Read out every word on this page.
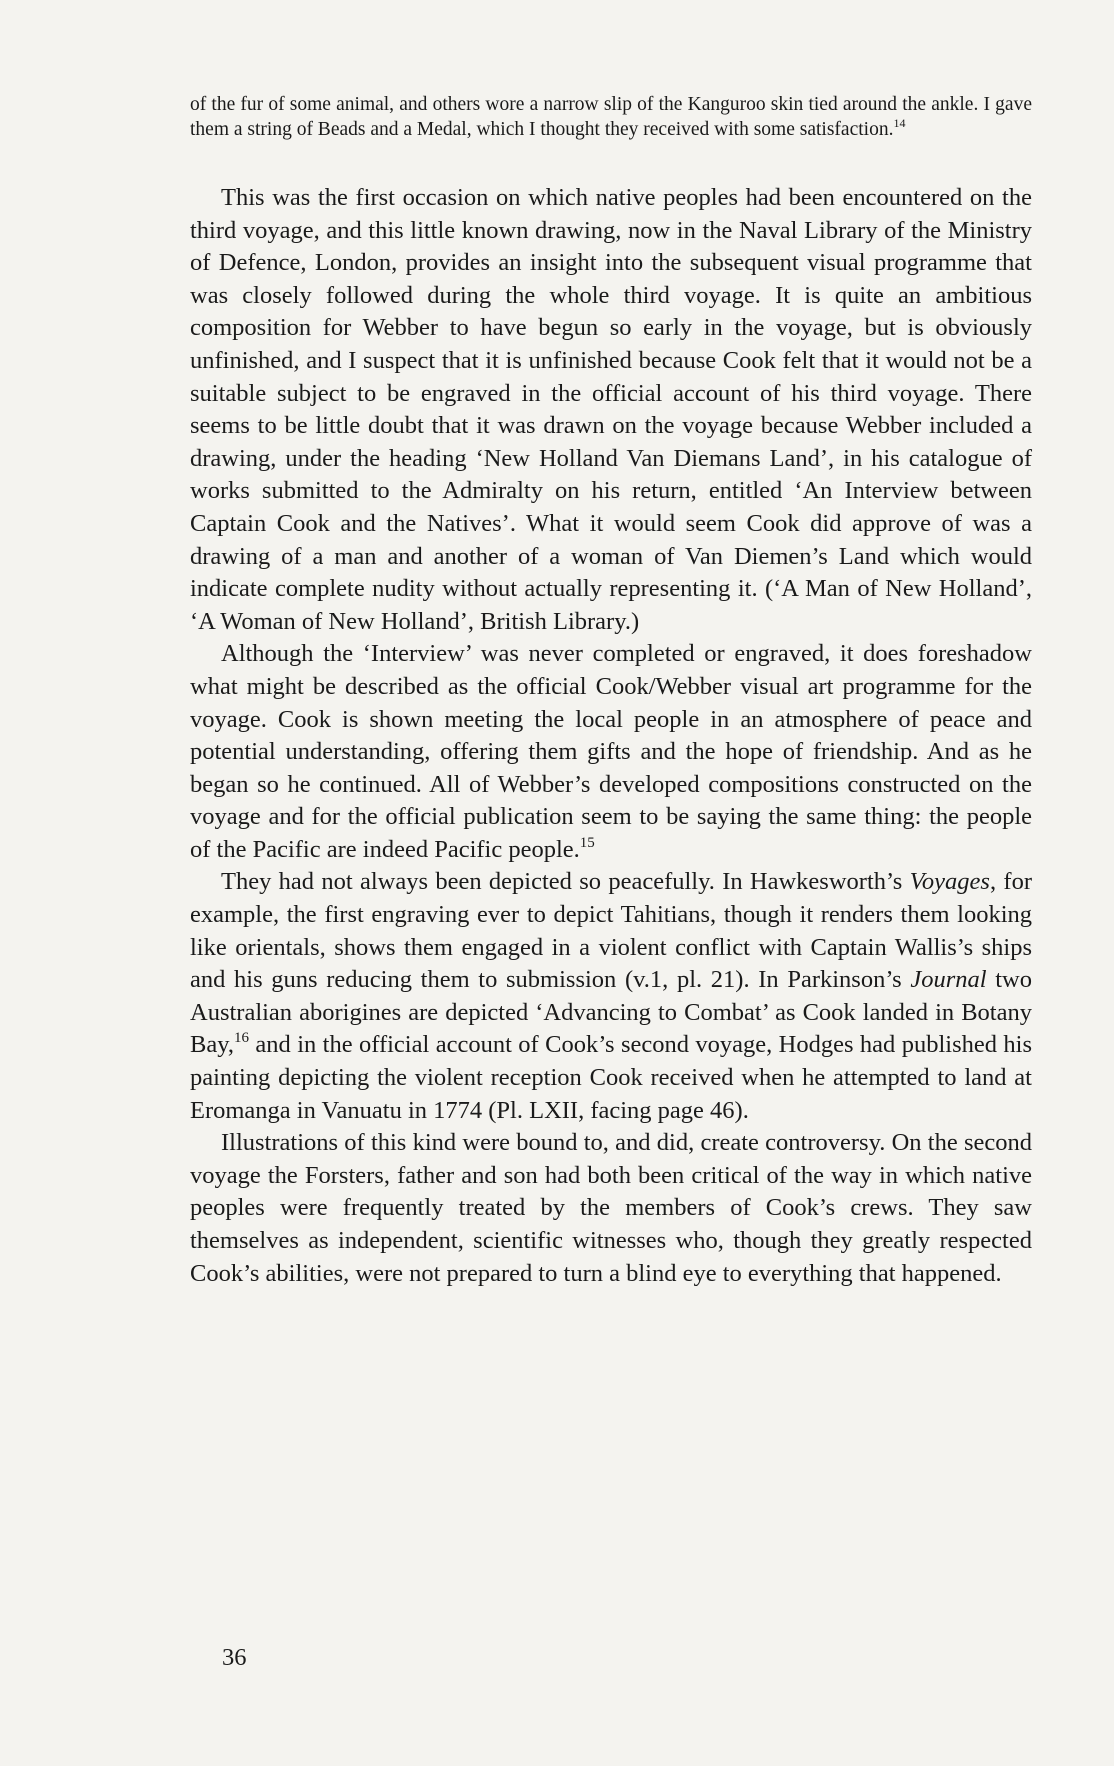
of the fur of some animal, and others wore a narrow slip of the Kanguroo skin tied around the ankle. I gave them a string of Beads and a Medal, which I thought they received with some satisfaction.$^{14}$

This was the first occasion on which native peoples had been encountered on the third voyage, and this little known drawing, now in the Naval Library of the Ministry of Defence, London, provides an insight into the subsequent visual programme that was closely followed during the whole third voyage. It is quite an ambitious composition for Webber to have begun so early in the voyage, but is obviously unfinished, and I suspect that it is unfinished because Cook felt that it would not be a suitable subject to be engraved in the official account of his third voyage. There seems to be little doubt that it was drawn on the voyage because Webber included a drawing, under the heading ‘New Holland Van Diemans Land’, in his catalogue of works submitted to the Admiralty on his return, entitled ‘An Interview between Captain Cook and the Natives’. What it would seem Cook did approve of was a drawing of a man and another of a woman of Van Diemen’s Land which would indicate complete nudity without actually representing it. (‘A Man of New Holland’, ‘A Woman of New Holland’, British Library.)

Although the ‘Interview’ was never completed or engraved, it does foreshadow what might be described as the official Cook/Webber visual art programme for the voyage. Cook is shown meeting the local people in an atmosphere of peace and potential understanding, offering them gifts and the hope of friendship. And as he began so he continued. All of Webber’s developed compositions constructed on the voyage and for the official publication seem to be saying the same thing: the people of the Pacific are indeed Pacific people.$^{15}$

They had not always been depicted so peacefully. In Hawkesworth’s Voyages, for example, the first engraving ever to depict Tahitians, though it renders them looking like orientals, shows them engaged in a violent conflict with Captain Wallis’s ships and his guns reducing them to submission (v.1, pl. 21). In Parkinson’s Journal two Australian aborigines are depicted ‘Advancing to Combat’ as Cook landed in Botany Bay,$^{16}$ and in the official account of Cook’s second voyage, Hodges had published his painting depicting the violent reception Cook received when he attempted to land at Eromanga in Vanuatu in 1774 (Pl. LXII, facing page 46).

Illustrations of this kind were bound to, and did, create controversy. On the second voyage the Forsters, father and son had both been critical of the way in which native peoples were frequently treated by the members of Cook’s crews. They saw themselves as independent, scientific witnesses who, though they greatly respected Cook’s abilities, were not prepared to turn a blind eye to everything that happened.

36
